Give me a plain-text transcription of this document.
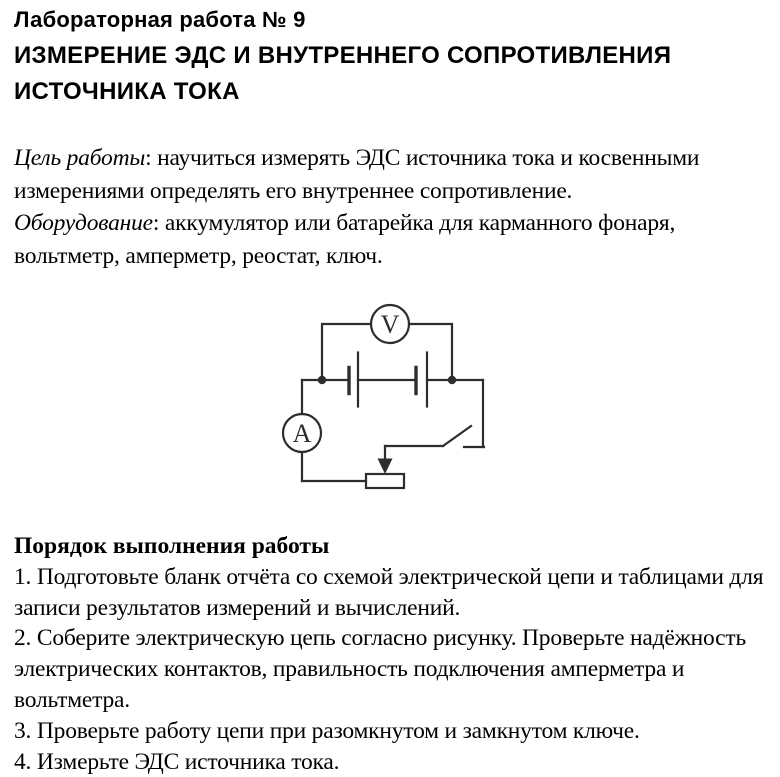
Лабораторная работа № 9
ИЗМЕРЕНИЕ ЭДС И ВНУТРЕННЕГО СОПРОТИВЛЕНИЯ
ИСТОЧНИКА ТОКА
Цель работы: научиться измерять ЭДС источника тока и косвенными
измерениями определять его внутреннее сопротивление.
Оборудование: аккумулятор или батарейка для карманного фонаря,
вольтметр, амперметр, реостат, ключ.
V
A
Порядок выполнения работы
1. Подготовьте бланк отчёта со схемой электрической цепи и таблицами для
записи результатов измерений и вычислений.
2. Соберите электрическую цепь согласно рисунку. Проверьте надёжность
электрических контактов, правильность подключения амперметра и
вольтметра.
3. Проверьте работу цепи при разомкнутом и замкнутом ключе.
4. Измерьте ЭДС источника тока.
